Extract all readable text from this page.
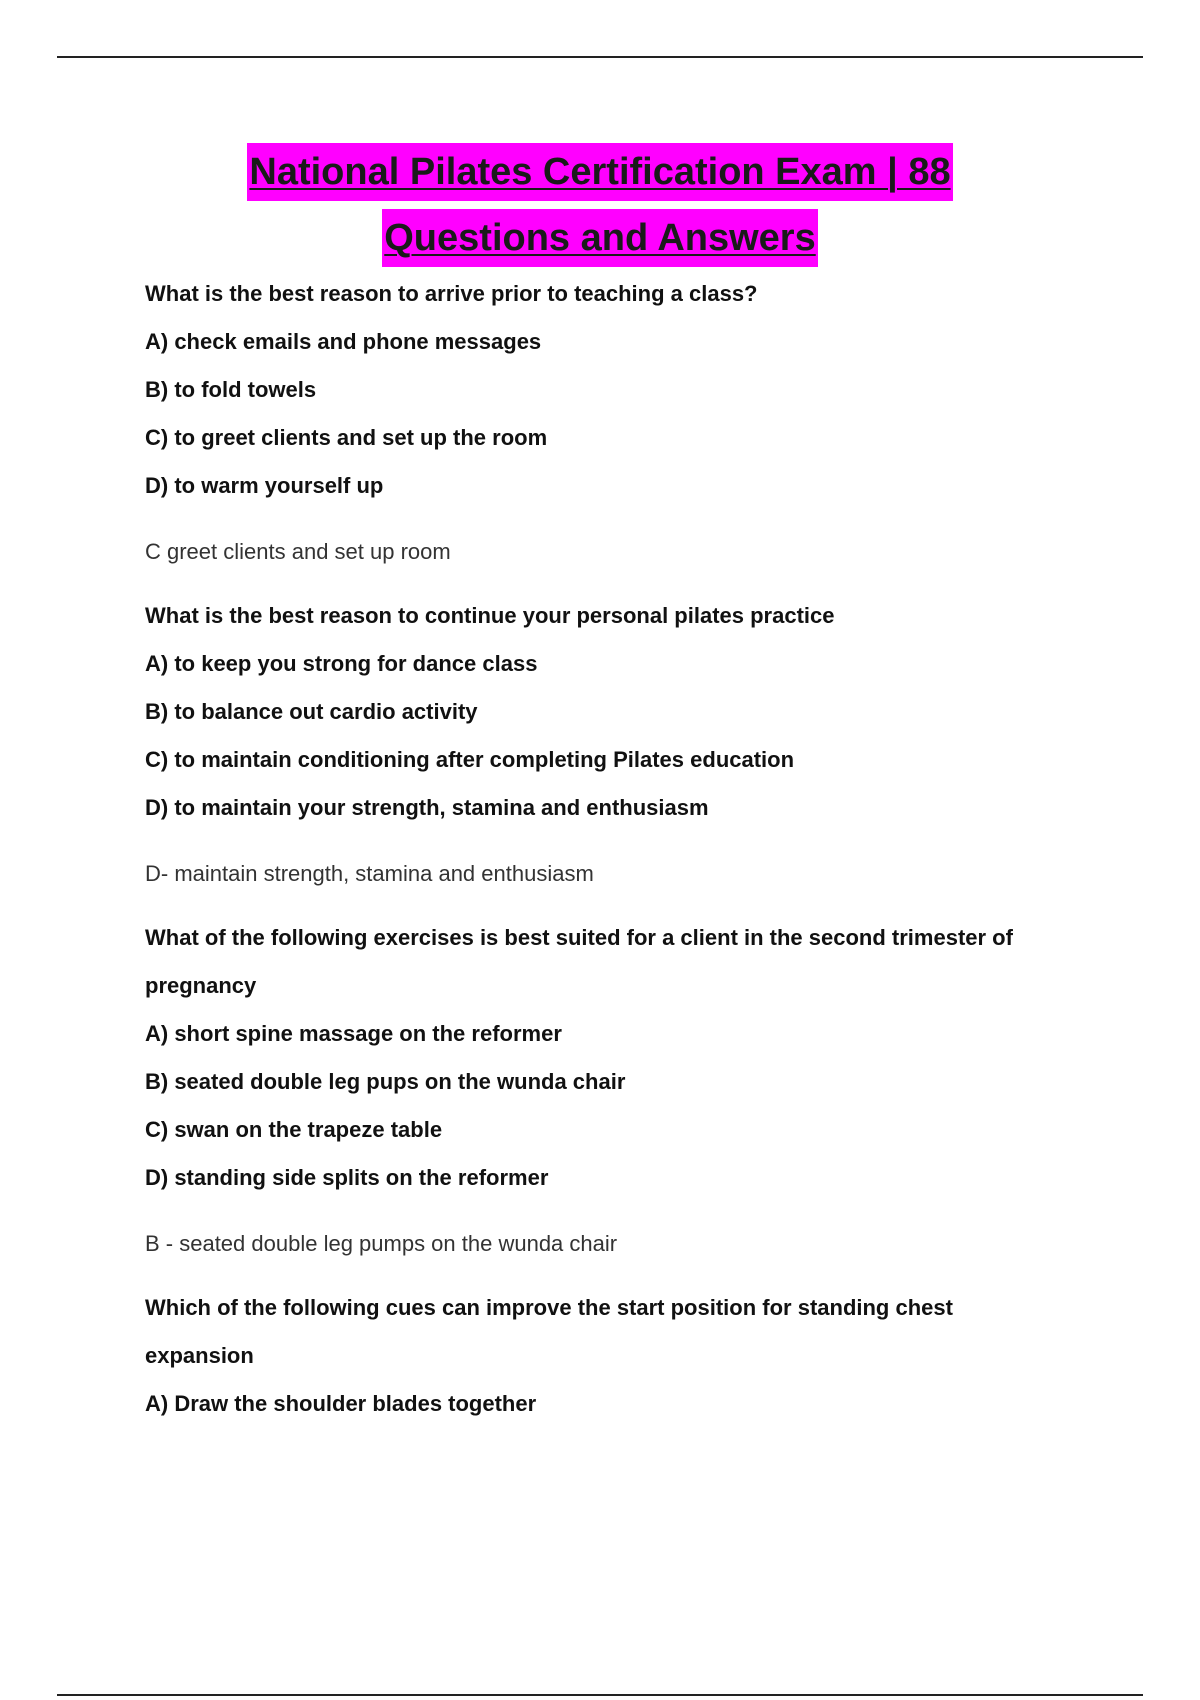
National Pilates Certification Exam | 88
Questions and Answers

What is the best reason to arrive prior to teaching a class?

A) check emails and phone messages

B) to fold towels

C) to greet clients and set up the room

D) to warm yourself up

C greet clients and set up room

What is the best reason to continue your personal pilates practice

A) to keep you strong for dance class

B) to balance out cardio activity

C) to maintain conditioning after completing Pilates education

D) to maintain your strength, stamina and enthusiasm

D- maintain strength, stamina and enthusiasm

What of the following exercises is best suited for a client in the second trimester of pregnancy

A) short spine massage on the reformer

B) seated double leg pups on the wunda chair

C) swan on the trapeze table

D) standing side splits on the reformer

B - seated double leg pumps on the wunda chair

Which of the following cues can improve the start position for standing chest expansion

A) Draw the shoulder blades together
